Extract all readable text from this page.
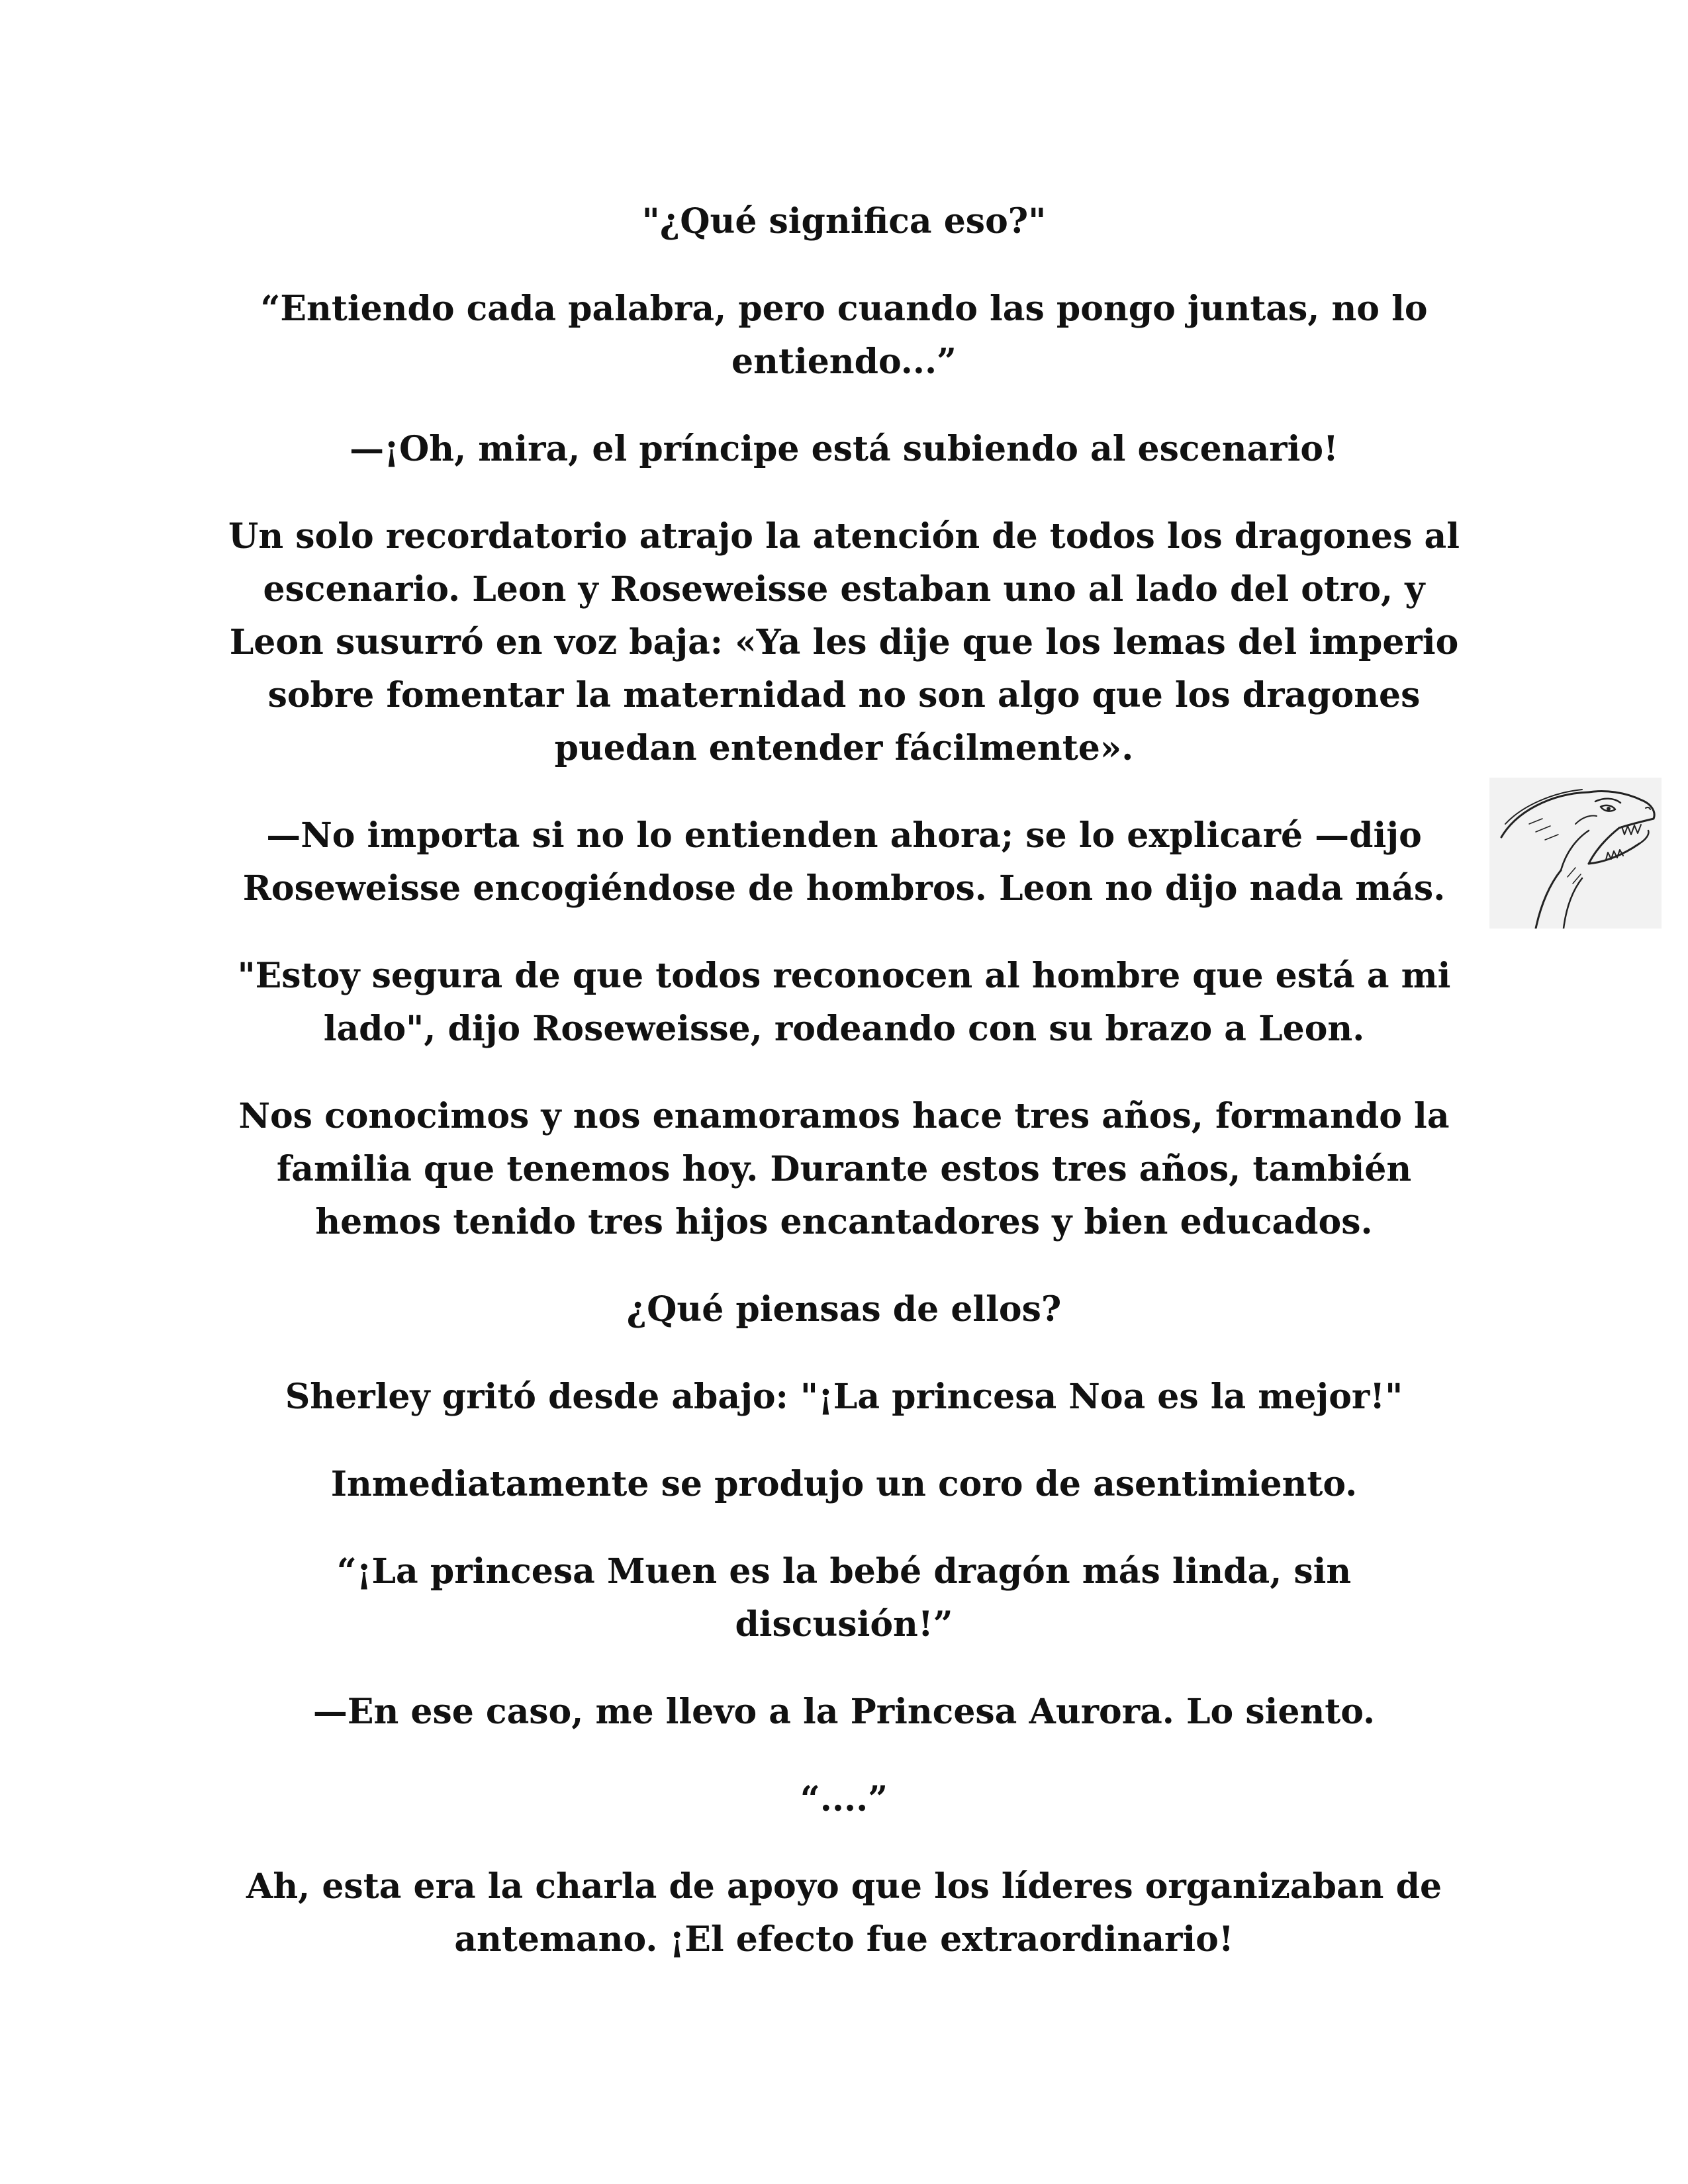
"¿Qué significa eso?"

“Entiendo cada palabra, pero cuando las pongo juntas, no lo entiendo...”

—¡Oh, mira, el príncipe está subiendo al escenario!

Un solo recordatorio atrajo la atención de todos los dragones al escenario. Leon y Roseweisse estaban uno al lado del otro, y Leon susurró en voz baja: «Ya les dije que los lemas del imperio sobre fomentar la maternidad no son algo que los dragones puedan entender fácilmente».

—No importa si no lo entienden ahora; se lo explicaré —dijo Roseweisse encogiéndose de hombros. Leon no dijo nada más.

"Estoy segura de que todos reconocen al hombre que está a mi lado", dijo Roseweisse, rodeando con su brazo a Leon.

Nos conocimos y nos enamoramos hace tres años, formando la familia que tenemos hoy. Durante estos tres años, también hemos tenido tres hijos encantadores y bien educados.

¿Qué piensas de ellos?

Sherley gritó desde abajo: "¡La princesa Noa es la mejor!"

Inmediatamente se produjo un coro de asentimiento.

“¡La princesa Muen es la bebé dragón más linda, sin discusión!”

—En ese caso, me llevo a la Princesa Aurora. Lo siento.

“....”

Ah, esta era la charla de apoyo que los líderes organizaban de antemano. ¡El efecto fue extraordinario!
